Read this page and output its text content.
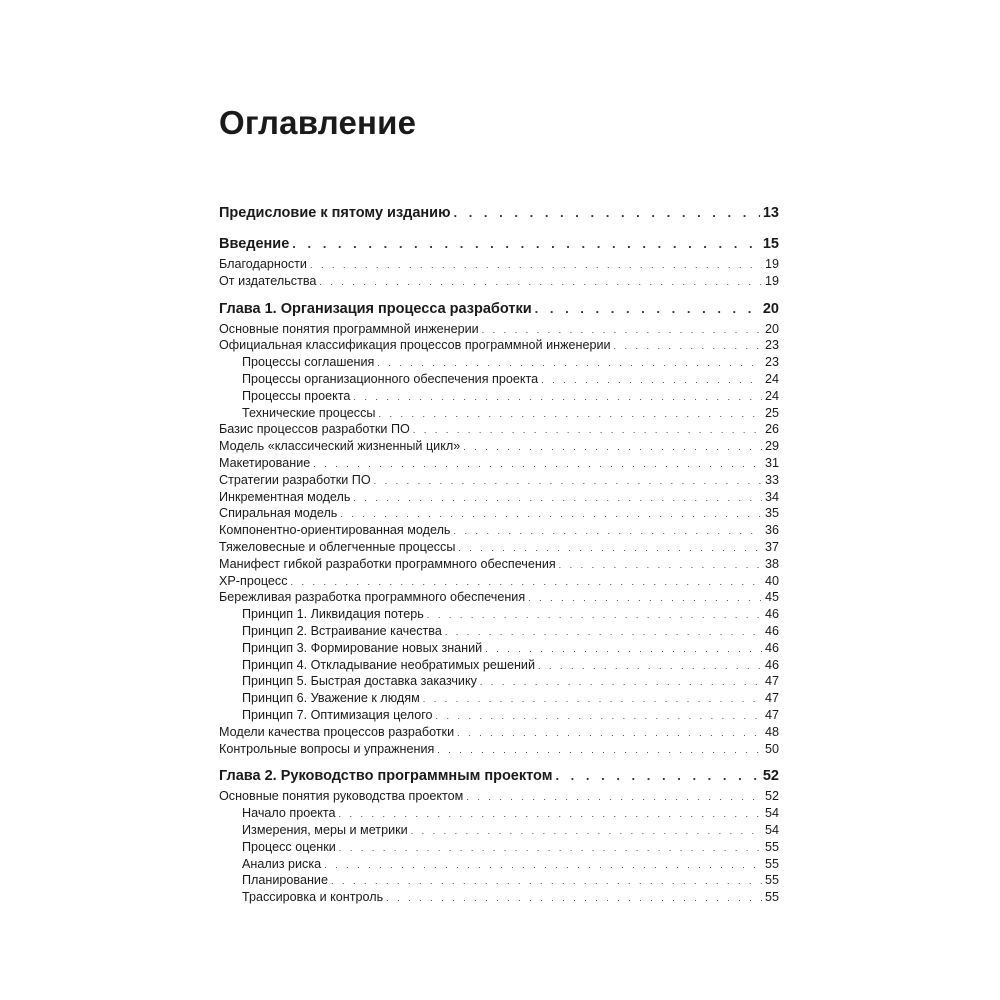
Оглавление
Предисловие к пятому изданию . . .	13
Введение . . .	15
Благодарности . . .	19
От издательства . . .	19
Глава 1. Организация процесса разработки . . .	20
Основные понятия программной инженерии . . .	20
Официальная классификация процессов программной инженерии . . .	23
Процессы соглашения . . .	23
Процессы организационного обеспечения проекта . . .	24
Процессы проекта . . .	24
Технические процессы . . .	25
Базис процессов разработки ПО . . .	26
Модель «классический жизненный цикл» . . .	29
Макетирование . . .	31
Стратегии разработки ПО . . .	33
Инкрементная модель . . .	34
Спиральная модель . . .	35
Компонентно-ориентированная модель . . .	36
Тяжеловесные и облегченные процессы . . .	37
Манифест гибкой разработки программного обеспечения . . .	38
XP-процесс . . .	40
Бережливая разработка программного обеспечения . . .	45
Принцип 1. Ликвидация потерь . . .	46
Принцип 2. Встраивание качества . . .	46
Принцип 3. Формирование новых знаний . . .	46
Принцип 4. Откладывание необратимых решений . . .	46
Принцип 5. Быстрая доставка заказчику . . .	47
Принцип 6. Уважение к людям . . .	47
Принцип 7. Оптимизация целого . . .	47
Модели качества процессов разработки . . .	48
Контрольные вопросы и упражнения . . .	50
Глава 2. Руководство программным проектом . . .	52
Основные понятия руководства проектом . . .	52
Начало проекта . . .	54
Измерения, меры и метрики . . .	54
Процесс оценки . . .	55
Анализ риска . . .	55
Планирование . . .	55
Трассировка и контроль . . .	55
